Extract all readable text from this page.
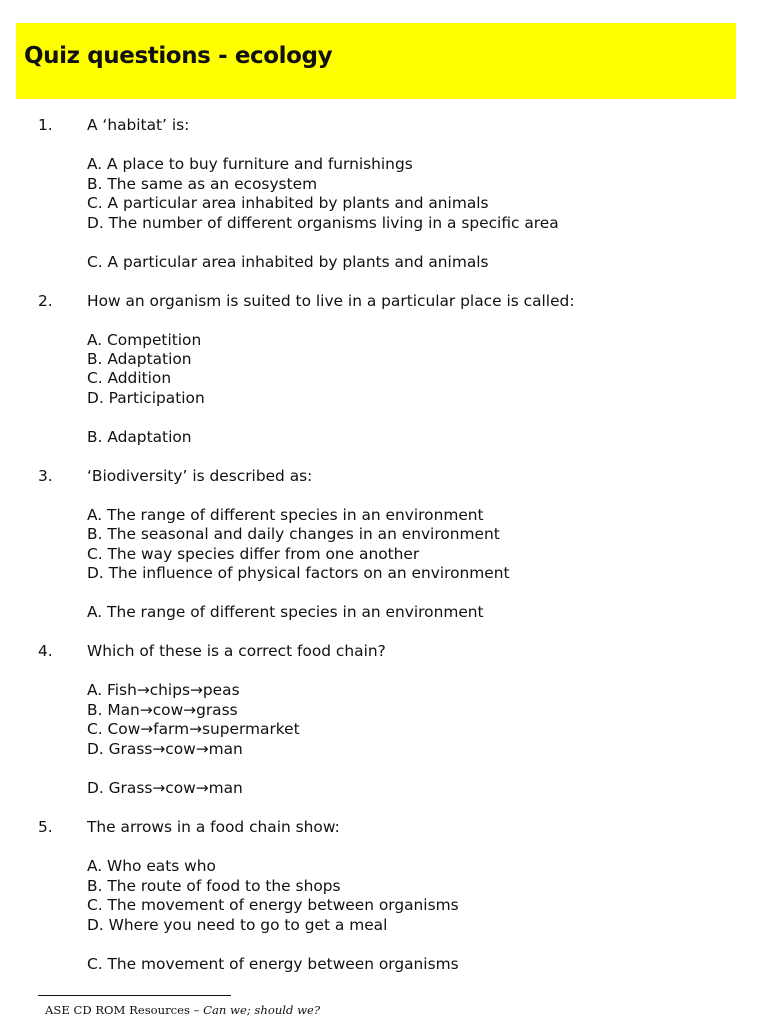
Quiz questions - ecology
1. A ‘habitat’ is:
A. A place to buy furniture and furnishings
B. The same as an ecosystem
C. A particular area inhabited by plants and animals
D. The number of different organisms living in a specific area
C. A particular area inhabited by plants and animals
2. How an organism is suited to live in a particular place is called:
A. Competition
B. Adaptation
C. Addition
D. Participation
B. Adaptation
3. ‘Biodiversity’ is described as:
A. The range of different species in an environment
B. The seasonal and daily changes in an environment
C. The way species differ from one another
D. The influence of physical factors on an environment
A. The range of different species in an environment
4. Which of these is a correct food chain?
A. Fish→chips→peas
B. Man→cow→grass
C. Cow→farm→supermarket
D. Grass→cow→man
D. Grass→cow→man
5. The arrows in a food chain show:
A. Who eats who
B. The route of food to the shops
C. The movement of energy between organisms
D. Where you need to go to get a meal
C. The movement of energy between organisms
ASE CD ROM Resources – Can we; should we?
